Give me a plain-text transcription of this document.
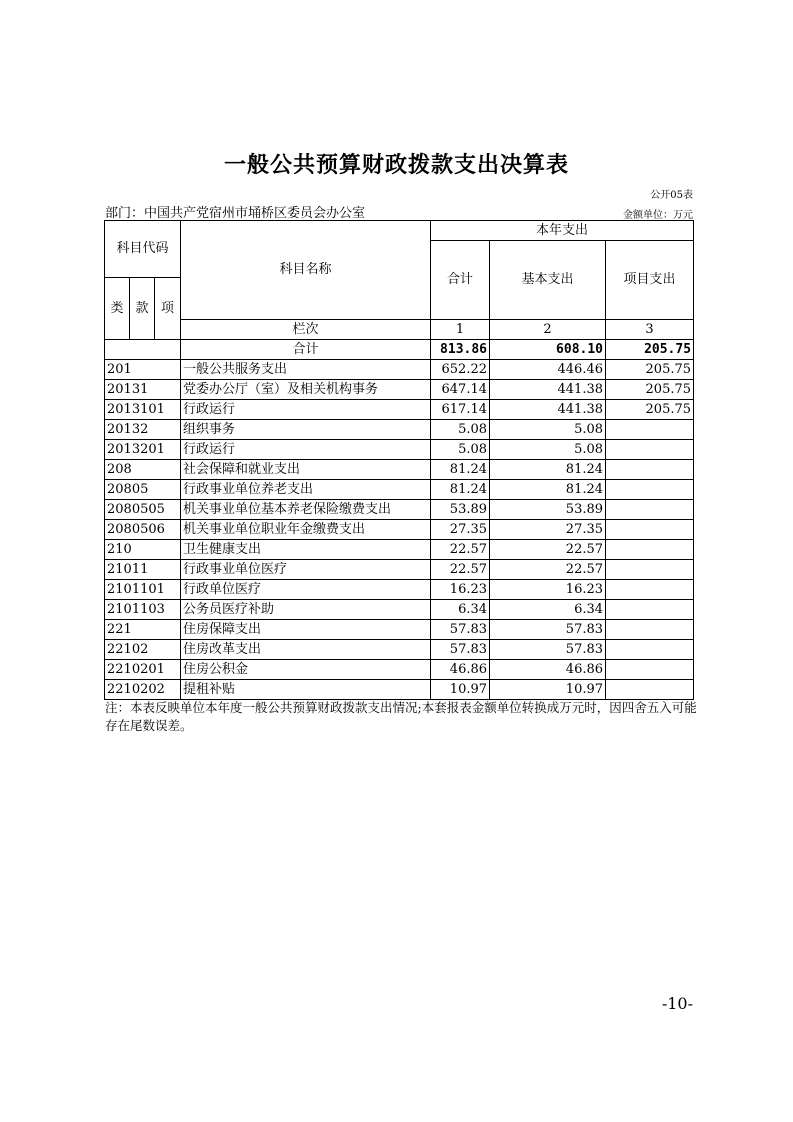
一般公共预算财政拨款支出决算表
公开05表
部门：中国共产党宿州市埇桥区委员会办公室	金额单位：万元
科目代码			科目名称	本年支出		
				合计	基本支出	项目支出

类	款	项				
			栏次	1	2	3
			合计	813.86	608.10	205.75
201			一般公共服务支出	652.22	446.46	205.75
20131			党委办公厅（室）及相关机构事务	647.14	441.38	205.75
2013101			行政运行	617.14	441.38	205.75
20132			组织事务	5.08	5.08	
2013201			行政运行	5.08	5.08	
208			社会保障和就业支出	81.24	81.24	
20805			行政事业单位养老支出	81.24	81.24	
2080505			机关事业单位基本养老保险缴费支出	53.89	53.89	
2080506			机关事业单位职业年金缴费支出	27.35	27.35	
210			卫生健康支出	22.57	22.57	
21011			行政事业单位医疗	22.57	22.57	
2101101			行政单位医疗	16.23	16.23	
2101103			公务员医疗补助	6.34	6.34	
221			住房保障支出	57.83	57.83	
22102			住房改革支出	57.83	57.83	
2210201			住房公积金	46.86	46.86	
2210202			提租补贴	10.97	10.97	
注：本表反映单位本年度一般公共预算财政拨款支出情况;本套报表金额单位转换成万元时，因四舍五入可能存在尾数误差。
-10-
